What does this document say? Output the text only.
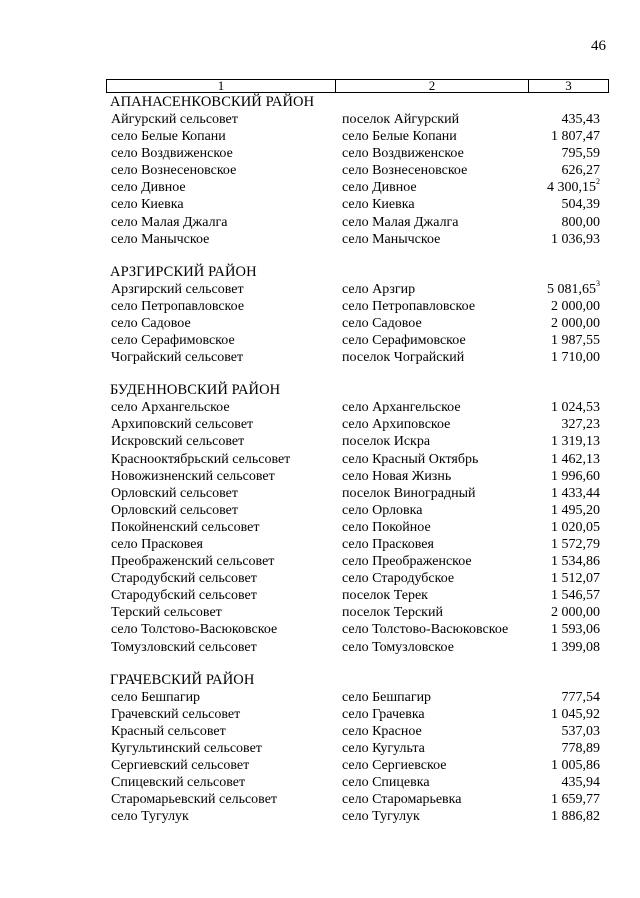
46
1	2	3
АПАНАСЕНКОВСКИЙ РАЙОН
Айгурский сельсовет	поселок Айгурский	435,43
село Белые Копани	село Белые Копани	1 807,47
село Воздвиженское	село Воздвиженское	795,59
село Вознесеновское	село Вознесеновское	626,27
село Дивное	село Дивное	4 300,15$^2$
село Киевка	село Киевка	504,39
село Малая Джалга	село Малая Джалга	800,00
село Манычское	село Манычское	1 036,93
АРЗГИРСКИЙ РАЙОН
Арзгирский сельсовет	село Арзгир	5 081,65$^3$
село Петропавловское	село Петропавловское	2 000,00
село Садовое	село Садовое	2 000,00
село Серафимовское	село Серафимовское	1 987,55
Чограйский сельсовет	поселок Чограйский	1 710,00
БУДЕННОВСКИЙ РАЙОН
село Архангельское	село Архангельское	1 024,53
Архиповский сельсовет	село Архиповское	327,23
Искровский сельсовет	поселок Искра	1 319,13
Краснооктябрьский сельсовет	село Красный Октябрь	1 462,13
Новожизненский сельсовет	село Новая Жизнь	1 996,60
Орловский сельсовет	поселок Виноградный	1 433,44
Орловский сельсовет	село Орловка	1 495,20
Покойненский сельсовет	село Покойное	1 020,05
село Прасковея	село Прасковея	1 572,79
Преображенский сельсовет	село Преображенское	1 534,86
Стародубский сельсовет	село Стародубское	1 512,07
Стародубский сельсовет	поселок Терек	1 546,57
Терский сельсовет	поселок Терский	2 000,00
село Толстово-Васюковское	село Толстово-Васюковское	1 593,06
Томузловский сельсовет	село Томузловское	1 399,08
ГРАЧЕВСКИЙ РАЙОН
село Бешпагир	село Бешпагир	777,54
Грачевский сельсовет	село Грачевка	1 045,92
Красный сельсовет	село Красное	537,03
Кугультинский сельсовет	село Кугульта	778,89
Сергиевский сельсовет	село Сергиевское	1 005,86
Спицевский сельсовет	село Спицевка	435,94
Старомарьевский сельсовет	село Старомарьевка	1 659,77
село Тугулук	село Тугулук	1 886,82
